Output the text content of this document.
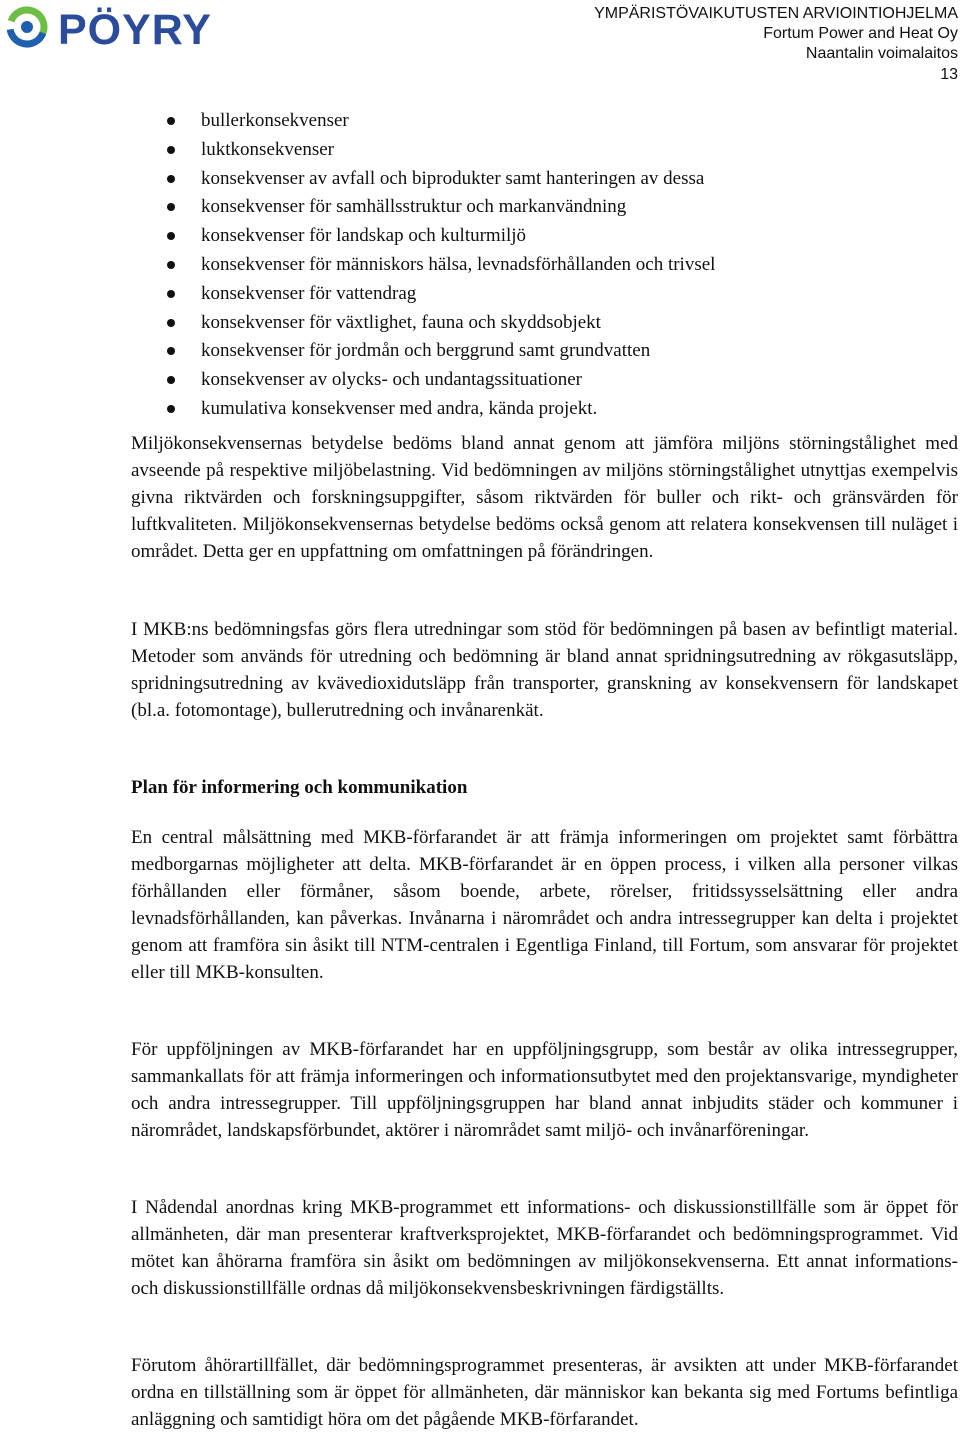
PÖYRY	YMPÄRISTÖVAIKUTUSTEN ARVIOINTIOHJELMA
Fortum Power and Heat Oy
Naantalin voimalaitos
13
bullerkonsekvenser
luktkonsekvenser
konsekvenser av avfall och biprodukter samt hanteringen av dessa
konsekvenser för samhällsstruktur och markanvändning
konsekvenser för landskap och kulturmiljö
konsekvenser för människors hälsa, levnadsförhållanden och trivsel
konsekvenser för vattendrag
konsekvenser för växtlighet, fauna och skyddsobjekt
konsekvenser för jordmån och berggrund samt grundvatten
konsekvenser av olycks- och undantagssituationer
kumulativa konsekvenser med andra, kända projekt.

Miljökonsekvensernas betydelse bedöms bland annat genom att jämföra miljöns störningstålighet med avseende på respektive miljöbelastning. Vid bedömningen av miljöns störningstålighet utnyttjas exempelvis givna riktvärden och forskningsuppgifter, såsom riktvärden för buller och rikt- och gränsvärden för luftkvaliteten. Miljökonsekvensernas betydelse bedöms också genom att relatera konsekvensen till nuläget i området. Detta ger en uppfattning om omfattningen på förändringen.

I MKB:ns bedömningsfas görs flera utredningar som stöd för bedömningen på basen av befintligt material. Metoder som används för utredning och bedömning är bland annat spridningsutredning av rökgasutsläpp, spridningsutredning av kvävedioxidutsläpp från transporter, granskning av konsekvensern för landskapet (bl.a. fotomontage), bullerutredning och invånarenkät.

Plan för informering och kommunikation

En central målsättning med MKB-förfarandet är att främja informeringen om projektet samt förbättra medborgarnas möjligheter att delta. MKB-förfarandet är en öppen process, i vilken alla personer vilkas förhållanden eller förmåner, såsom boende, arbete, rörelser, fritidssysselsättning eller andra levnadsförhållanden, kan påverkas. Invånarna i närområdet och andra intressegrupper kan delta i projektet genom att framföra sin åsikt till NTM-centralen i Egentliga Finland, till Fortum, som ansvarar för projektet eller till MKB-konsulten.

För uppföljningen av MKB-förfarandet har en uppföljningsgrupp, som består av olika intressegrupper, sammankallats för att främja informeringen och informationsutbytet med den projektansvarige, myndigheter och andra intressegrupper. Till uppföljningsgruppen har bland annat inbjudits städer och kommuner i närområdet, landskapsförbundet, aktörer i närområdet samt miljö- och invånarföreningar.

I Nådendal anordnas kring MKB-programmet ett informations- och diskussionstillfälle som är öppet för allmänheten, där man presenterar kraftverksprojektet, MKB-förfarandet och bedömningsprogrammet. Vid mötet kan åhörarna framföra sin åsikt om bedömningen av miljökonsekvenserna. Ett annat informations- och diskussionstillfälle ordnas då miljökonsekvensbeskrivningen färdigställts.

Förutom åhörartillfället, där bedömningsprogrammet presenteras, är avsikten att under MKB-förfarandet ordna en tillställning som är öppet för allmänheten, där människor kan bekanta sig med Fortums befintliga anläggning och samtidigt höra om det pågående MKB-förfarandet.
